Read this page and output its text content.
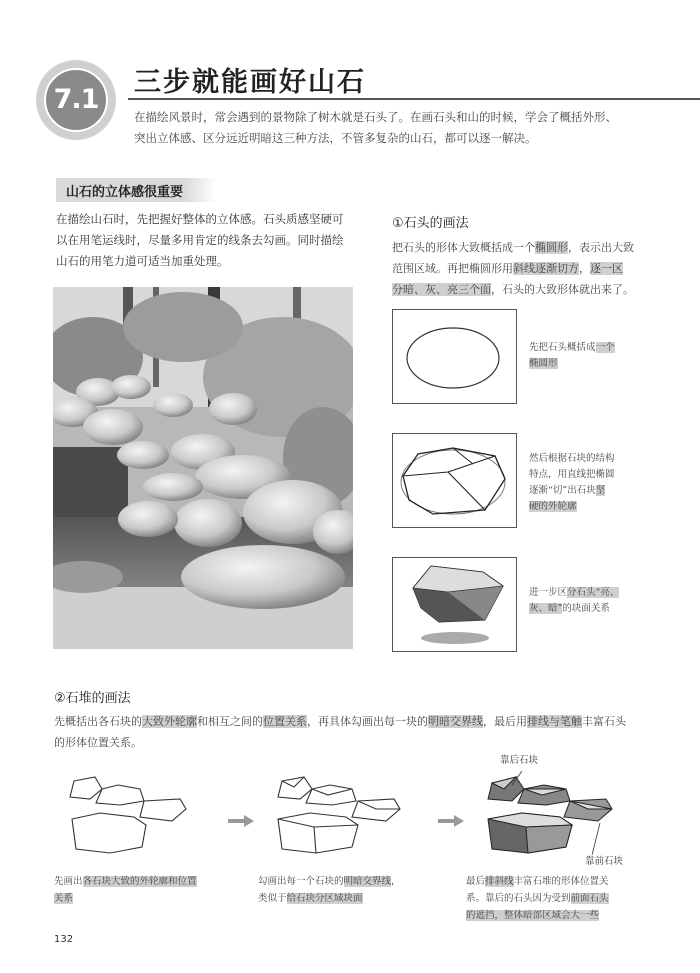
7.1
三步就能画好山石
在描绘风景时，常会遇到的景物除了树木就是石头了。在画石头和山的时候，学会了概括外形、
突出立体感、区分远近明暗这三种方法，不管多复杂的山石，都可以逐一解决。
山石的立体感很重要
在描绘山石时，先把握好整体的立体感。石头质感坚硬可
以在用笔运线时，尽量多用肯定的线条去勾画。同时描绘
山石的用笔力道可适当加重处理。
①石头的画法
把石头的形体大致概括成一个椭圆形，表示出大致
范围区域。再把椭圆形用斜线逐渐切方，逐一区
分暗、灰、亮三个面，石头的大致形体就出来了。
先把石头概括成一个
椭圆形
然后根据石块的结构
特点，用直线把椭圆
逐渐“切”出石块坚
硬的外轮廓
进一步区分石头“亮、
灰、暗”的块面关系
②石堆的画法
先概括出各石块的大致外轮廓和相互之间的位置关系，再具体勾画出每一块的明暗交界线，最后用排线与笔触丰富石头
的形体位置关系。
靠后石块
靠前石块
先画出各石块大致的外轮廓和位置
关系
勾画出每一个石块的明暗交界线，
类似于给石块分区域块面
最后排斜线丰富石堆的形体位置关
系。靠后的石头因为受到前面石头
的遮挡，整体暗部区域会大一些
132
